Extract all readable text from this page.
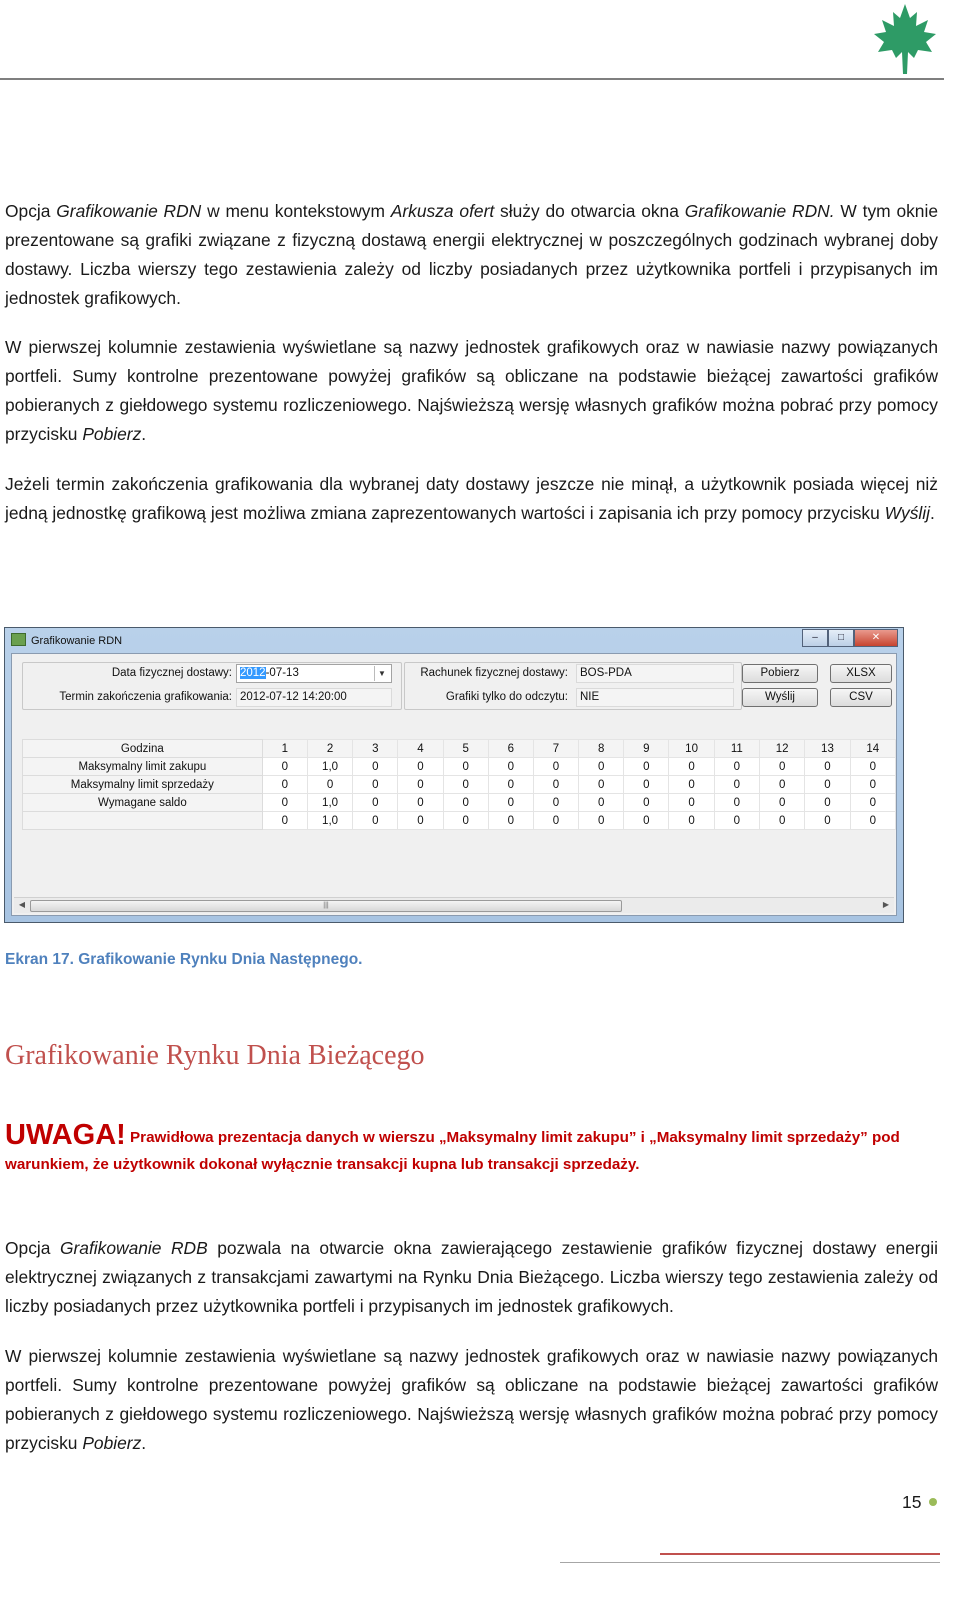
Opcja Grafikowanie RDN w menu kontekstowym Arkusza ofert służy do otwarcia okna Grafikowanie RDN. W tym oknie prezentowane są grafiki związane z fizyczną dostawą energii elektrycznej w poszczególnych godzinach wybranej doby dostawy. Liczba wierszy tego zestawienia zależy od liczby posiadanych przez użytkownika portfeli i przypisanych im jednostek grafikowych.

W pierwszej kolumnie zestawienia wyświetlane są nazwy jednostek grafikowych oraz w nawiasie nazwy powiązanych portfeli. Sumy kontrolne prezentowane powyżej grafików są obliczane na podstawie bieżącej zawartości grafików pobieranych z giełdowego systemu rozliczeniowego. Najświeższą wersję własnych grafików można pobrać przy pomocy przycisku Pobierz.

Jeżeli termin zakończenia grafikowania dla wybranej daty dostawy jeszcze nie minął, a użytkownik posiada więcej niż jedną jednostkę grafikową jest możliwa zmiana zaprezentowanych wartości i zapisania ich przy pomocy przycisku Wyślij.

Grafikowanie RDN	–	□	✕
Data fizycznej dostawy: 2012-07-13	▼
Termin zakończenia grafikowania: 2012-07-12 14:20:00
Rachunek fizycznej dostawy:	BOS-PDA
Grafiki tylko do odczytu:	NIE
Pobierz
Wyślij
XLSX
CSV
Godzina	1	2	3	4	5	6	7	8	9	10	11	12	13	14
Maksymalny limit zakupu	0	1,0	0	0	0	0	0	0	0	0	0	0	0	0
Maksymalny limit sprzedaży	0	0	0	0	0	0	0	0	0	0	0	0	0	0
Wymagane saldo	0	1,0	0	0	0	0	0	0	0	0	0	0	0	0
	0	1,0	0	0	0	0	0	0	0	0	0	0	0	0
◀	|||	▶
Ekran 17. Grafikowanie Rynku Dnia Następnego.
Grafikowanie Rynku Dnia Bieżącego
UWAGA! Prawidłowa prezentacja danych w wierszu „Maksymalny limit zakupu” i „Maksymalny limit sprzedaży” pod warunkiem, że użytkownik dokonał wyłącznie transakcji kupna lub transakcji sprzedaży.

Opcja Grafikowanie RDB pozwala na otwarcie okna zawierającego zestawienie grafików fizycznej dostawy energii elektrycznej związanych z transakcjami zawartymi na Rynku Dnia Bieżącego. Liczba wierszy tego zestawienia zależy od liczby posiadanych przez użytkownika portfeli i przypisanych im jednostek grafikowych.

W pierwszej kolumnie zestawienia wyświetlane są nazwy jednostek grafikowych oraz w nawiasie nazwy powiązanych portfeli. Sumy kontrolne prezentowane powyżej grafików są obliczane na podstawie bieżącej zawartości grafików pobieranych z giełdowego systemu rozliczeniowego. Najświeższą wersję własnych grafików można pobrać przy pomocy przycisku Pobierz.

15
